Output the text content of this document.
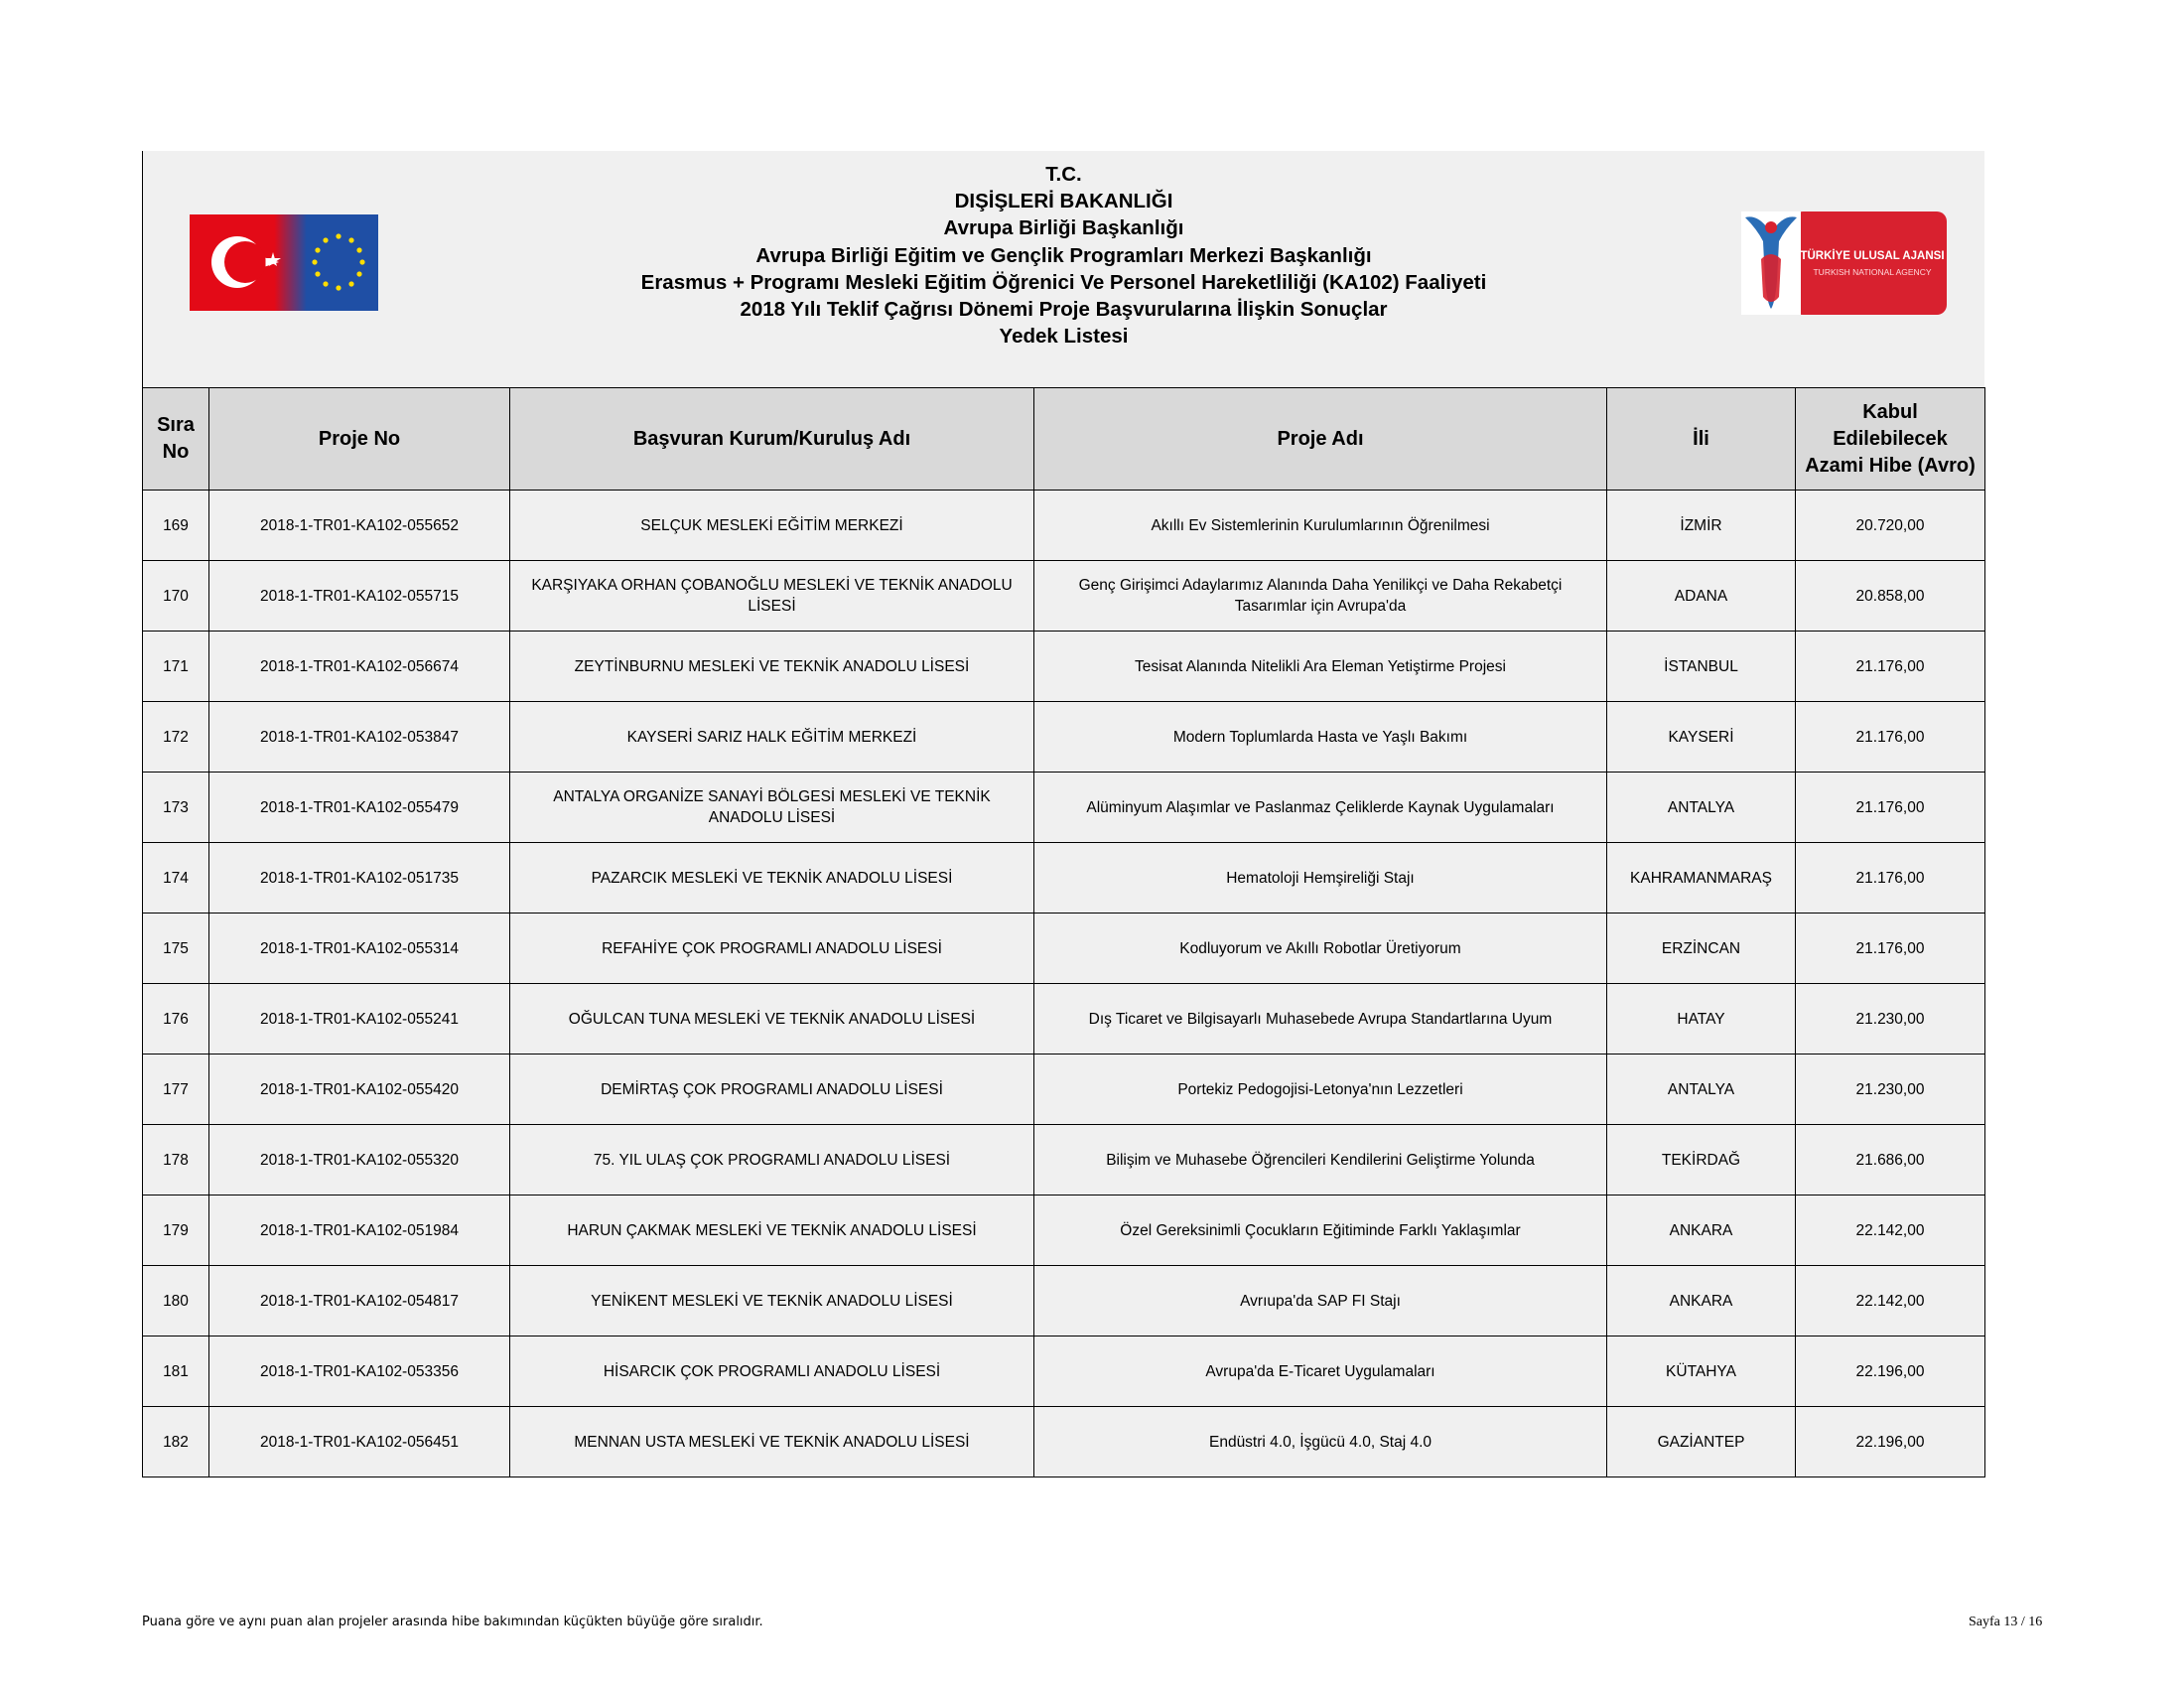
T.C.
DIŞİŞLERİ BAKANLIĞI
Avrupa Birliği Başkanlığı
Avrupa Birliği Eğitim ve Gençlik Programları Merkezi Başkanlığı
Erasmus + Programı Mesleki Eğitim Öğrenici Ve Personel Hareketliliği (KA102) Faaliyeti
2018 Yılı Teklif Çağrısı Dönemi Proje Başvurularına İlişkin Sonuçlar
Yedek Listesi
TÜRKİYE ULUSAL AJANSI
TURKISH NATIONAL AGENCY
Sıra No	Proje No	Başvuran Kurum/Kuruluş Adı	Proje Adı	İli	Kabul Edilebilecek Azami Hibe (Avro)
169	2018-1-TR01-KA102-055652	SELÇUK MESLEKİ EĞİTİM MERKEZİ	Akıllı Ev Sistemlerinin Kurulumlarının Öğrenilmesi	İZMİR	20.720,00
170	2018-1-TR01-KA102-055715	KARŞIYAKA ORHAN ÇOBANOĞLU MESLEKİ VE TEKNİK ANADOLU LİSESİ	Genç Girişimci Adaylarımız Alanında Daha Yenilikçi ve Daha Rekabetçi Tasarımlar için Avrupa'da	ADANA	20.858,00
171	2018-1-TR01-KA102-056674	ZEYTİNBURNU MESLEKİ VE TEKNİK ANADOLU LİSESİ	Tesisat Alanında Nitelikli Ara Eleman Yetiştirme Projesi	İSTANBUL	21.176,00
172	2018-1-TR01-KA102-053847	KAYSERİ SARIZ HALK EĞİTİM MERKEZİ	Modern Toplumlarda Hasta ve Yaşlı Bakımı	KAYSERİ	21.176,00
173	2018-1-TR01-KA102-055479	ANTALYA ORGANİZE SANAYİ BÖLGESİ MESLEKİ VE TEKNİK ANADOLU LİSESİ	Alüminyum Alaşımlar ve Paslanmaz Çeliklerde Kaynak Uygulamaları	ANTALYA	21.176,00
174	2018-1-TR01-KA102-051735	PAZARCIK MESLEKİ VE TEKNİK ANADOLU LİSESİ	Hematoloji Hemşireliği Stajı	KAHRAMANMARAŞ	21.176,00
175	2018-1-TR01-KA102-055314	REFAHİYE ÇOK PROGRAMLI ANADOLU LİSESİ	Kodluyorum ve Akıllı Robotlar Üretiyorum	ERZİNCAN	21.176,00
176	2018-1-TR01-KA102-055241	OĞULCAN TUNA MESLEKİ VE TEKNİK ANADOLU LİSESİ	Dış Ticaret ve Bilgisayarlı Muhasebede Avrupa Standartlarına Uyum	HATAY	21.230,00
177	2018-1-TR01-KA102-055420	DEMİRTAŞ ÇOK PROGRAMLI ANADOLU LİSESİ	Portekiz Pedogojisi-Letonya'nın Lezzetleri	ANTALYA	21.230,00
178	2018-1-TR01-KA102-055320	75. YIL ULAŞ ÇOK PROGRAMLI ANADOLU LİSESİ	Bilişim ve Muhasebe Öğrencileri Kendilerini Geliştirme Yolunda	TEKİRDAĞ	21.686,00
179	2018-1-TR01-KA102-051984	HARUN ÇAKMAK MESLEKİ VE TEKNİK ANADOLU LİSESİ	Özel Gereksinimli Çocukların Eğitiminde Farklı Yaklaşımlar	ANKARA	22.142,00
180	2018-1-TR01-KA102-054817	YENİKENT MESLEKİ VE TEKNİK ANADOLU LİSESİ	Avrıupa'da SAP FI Stajı	ANKARA	22.142,00
181	2018-1-TR01-KA102-053356	HİSARCIK ÇOK PROGRAMLI ANADOLU LİSESİ	Avrupa'da E-Ticaret Uygulamaları	KÜTAHYA	22.196,00
182	2018-1-TR01-KA102-056451	MENNAN USTA MESLEKİ VE TEKNİK ANADOLU LİSESİ	Endüstri 4.0, İşgücü 4.0, Staj 4.0	GAZİANTEP	22.196,00
Puana göre ve aynı puan alan projeler arasında hibe bakımından küçükten büyüğe göre sıralıdır.	Sayfa 13 / 16
